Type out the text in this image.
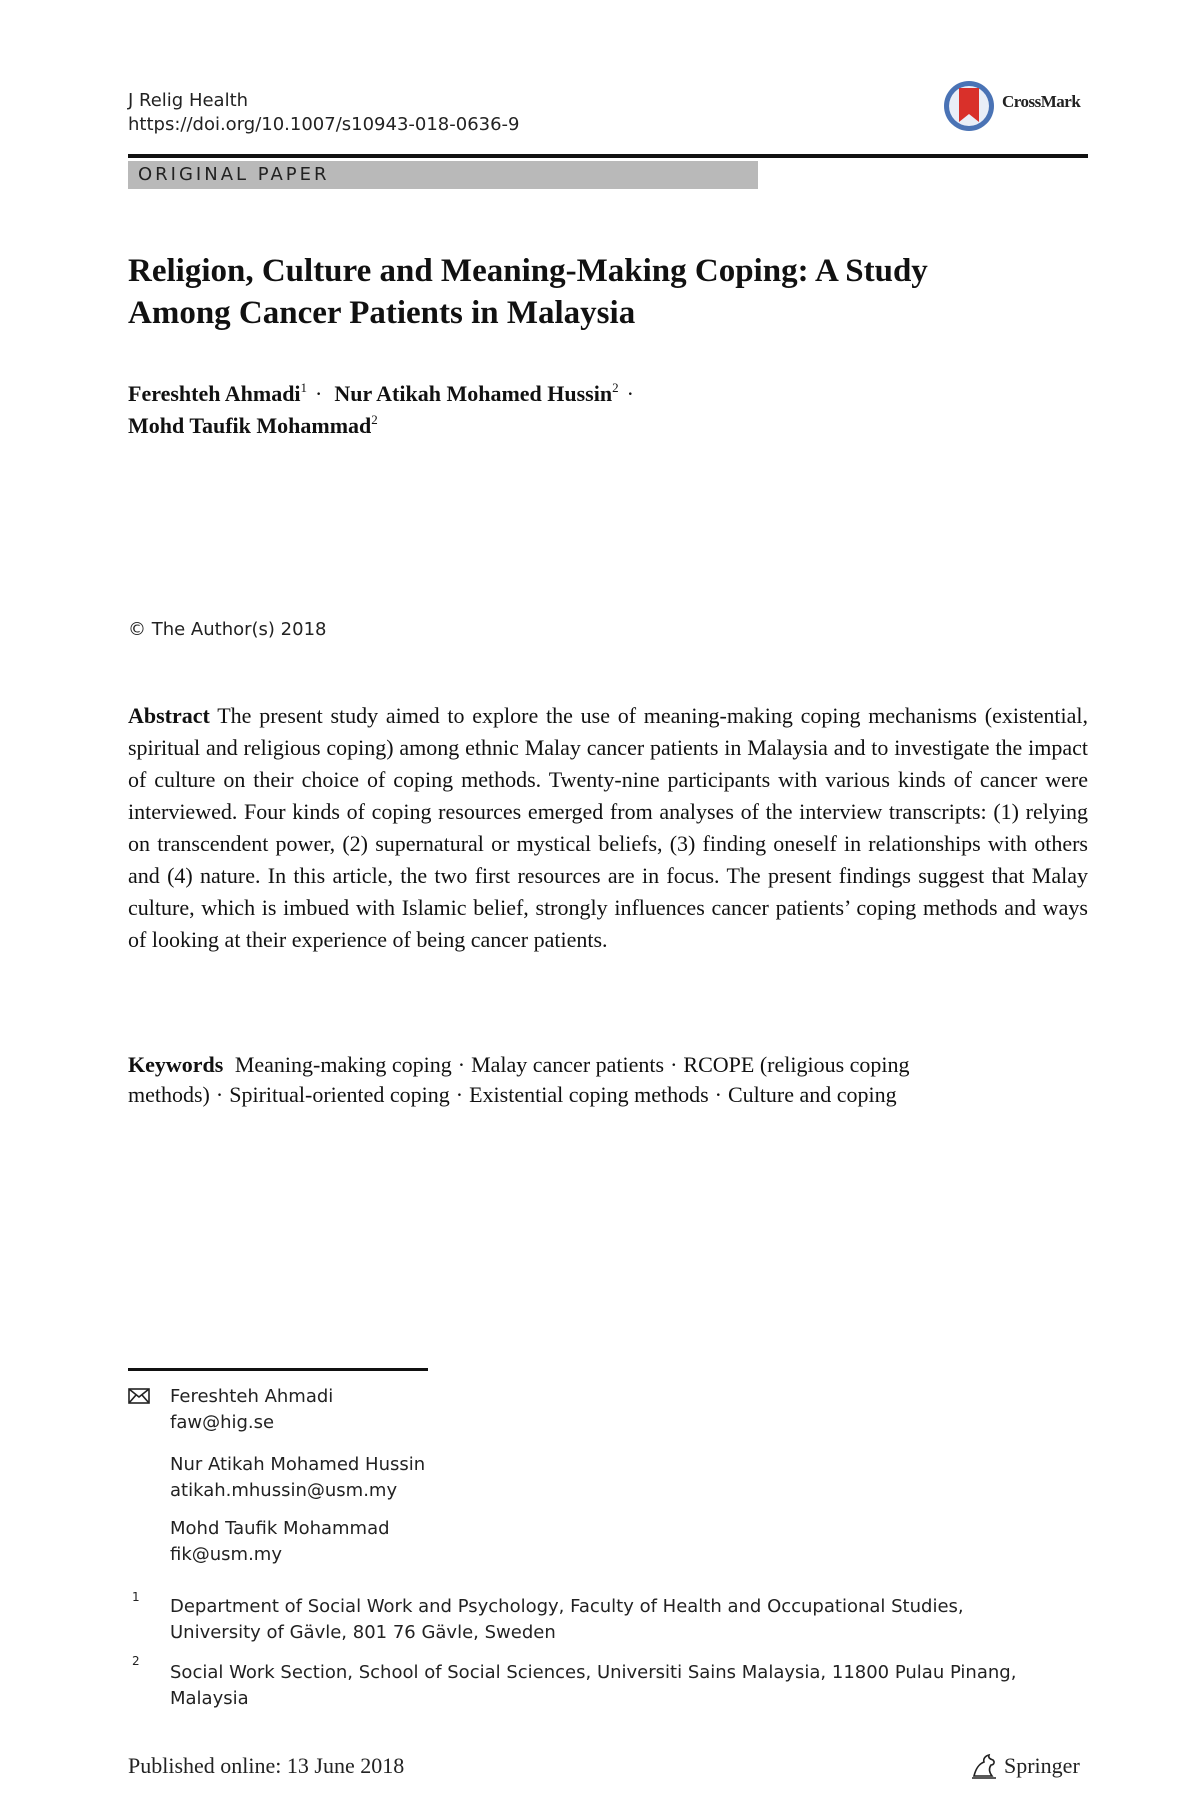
J Relig Health
https://doi.org/10.1007/s10943-018-0636-9
CrossMark
ORIGINAL PAPER
Religion, Culture and Meaning-Making Coping: A Study
Among Cancer Patients in Malaysia
Fereshteh Ahmadi$^1$ · Nur Atikah Mohamed Hussin$^2$ ·
Mohd Taufik Mohammad$^2$
© The Author(s) 2018
Abstract The present study aimed to explore the use of meaning-making coping mechanisms (existential, spiritual and religious coping) among ethnic Malay cancer patients in Malaysia and to investigate the impact of culture on their choice of coping methods. Twenty-nine participants with various kinds of cancer were interviewed. Four kinds of coping resources emerged from analyses of the interview transcripts: (1) relying on transcendent power, (2) supernatural or mystical beliefs, (3) finding oneself in relationships with others and (4) nature. In this article, the two first resources are in focus. The present findings suggest that Malay culture, which is imbued with Islamic belief, strongly influences cancer patients’ coping methods and ways of looking at their experience of being cancer patients.
Keywords Meaning-making coping · Malay cancer patients · RCOPE (religious coping methods) · Spiritual-oriented coping · Existential coping methods · Culture and coping
Fereshteh Ahmadi
faw@hig.se
Nur Atikah Mohamed Hussin
atikah.mhussin@usm.my
Mohd Taufik Mohammad
fik@usm.my
1 Department of Social Work and Psychology, Faculty of Health and Occupational Studies,
University of Gävle, 801 76 Gävle, Sweden
2
Social Work Section, School of Social Sciences, Universiti Sains Malaysia, 11800 Pulau Pinang,
Malaysia
Published online: 13 June 2018	Springer
